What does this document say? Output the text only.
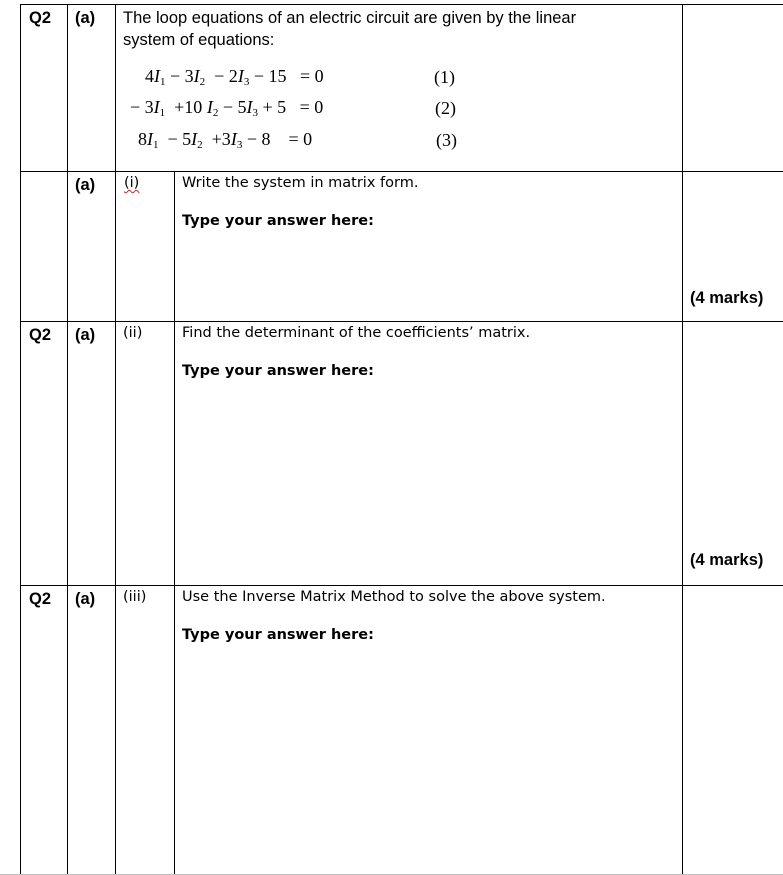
Q2 (a) The loop equations of an electric circuit are given by the linear
system of equations:
$4I_1 - 3I_2 - 2I_3 - 15 = 0$
− $3I_1 +10$ $I_2 - 5I_3 + 5 = 0$
$8I_1 - 5I_2 +3I_3 - 8$    = 0
(1)
(2)
(3)
(a) (i)	Write the system in matrix form.
Type your answer here:
(4 marks)
Q2 (a) (ii)	Find the determinant of the coefficients’ matrix.
Type your answer here:
(4 marks)
Q2 (a) (iii) Use the Inverse Matrix Method to solve the above system.
Type your answer here:
